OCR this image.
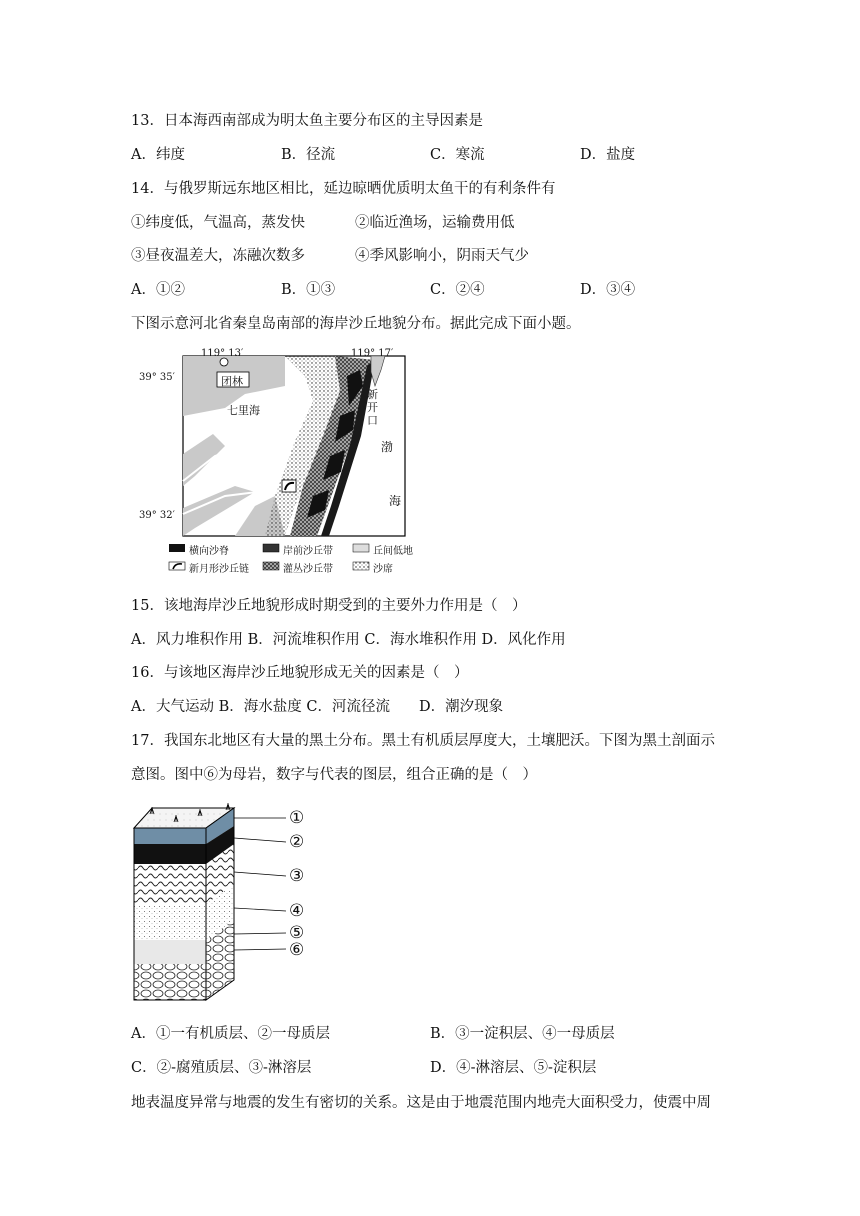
13．日本海西南部成为明太鱼主要分布区的主导因素是
A．纬度	B．径流	C．寒流	D．盐度
14．与俄罗斯远东地区相比，延边晾晒优质明太鱼干的有利条件有
①纬度低，气温高，蒸发快	②临近渔场，运输费用低
③昼夜温差大，冻融次数多	④季风影响小，阴雨天气少
A．①②	B．①③	C．②④	D．③④
下图示意河北省秦皇岛南部的海岸沙丘地貌分布。据此完成下面小题。
119° 13′	119° 17′
39° 35′
39° 32′
团林
七里海
新
开
口
渤
海
横向沙脊	岸前沙丘带	丘间低地
新月形沙丘链	灌丛沙丘带	沙席
15．该地海岸沙丘地貌形成时期受到的主要外力作用是（　）
A．风力堆积作用 B．河流堆积作用 C．海水堆积作用 D．风化作用
16．与该地区海岸沙丘地貌形成无关的因素是（　）
A．大气运动 B．海水盐度 C．河流径流　　D．潮汐现象
17．我国东北地区有大量的黑土分布。黑土有机质层厚度大，土壤肥沃。下图为黑土剖面示
意图。图中⑥为母岩，数字与代表的图层，组合正确的是（　）
①
②
③
④
⑤
⑥
A．①一有机质层、②一母质层	B．③一淀积层、④一母质层
C．②-腐殖质层、③-淋溶层	D．④-淋溶层、⑤-淀积层
地表温度异常与地震的发生有密切的关系。这是由于地震范围内地壳大面积受力，使震中周
